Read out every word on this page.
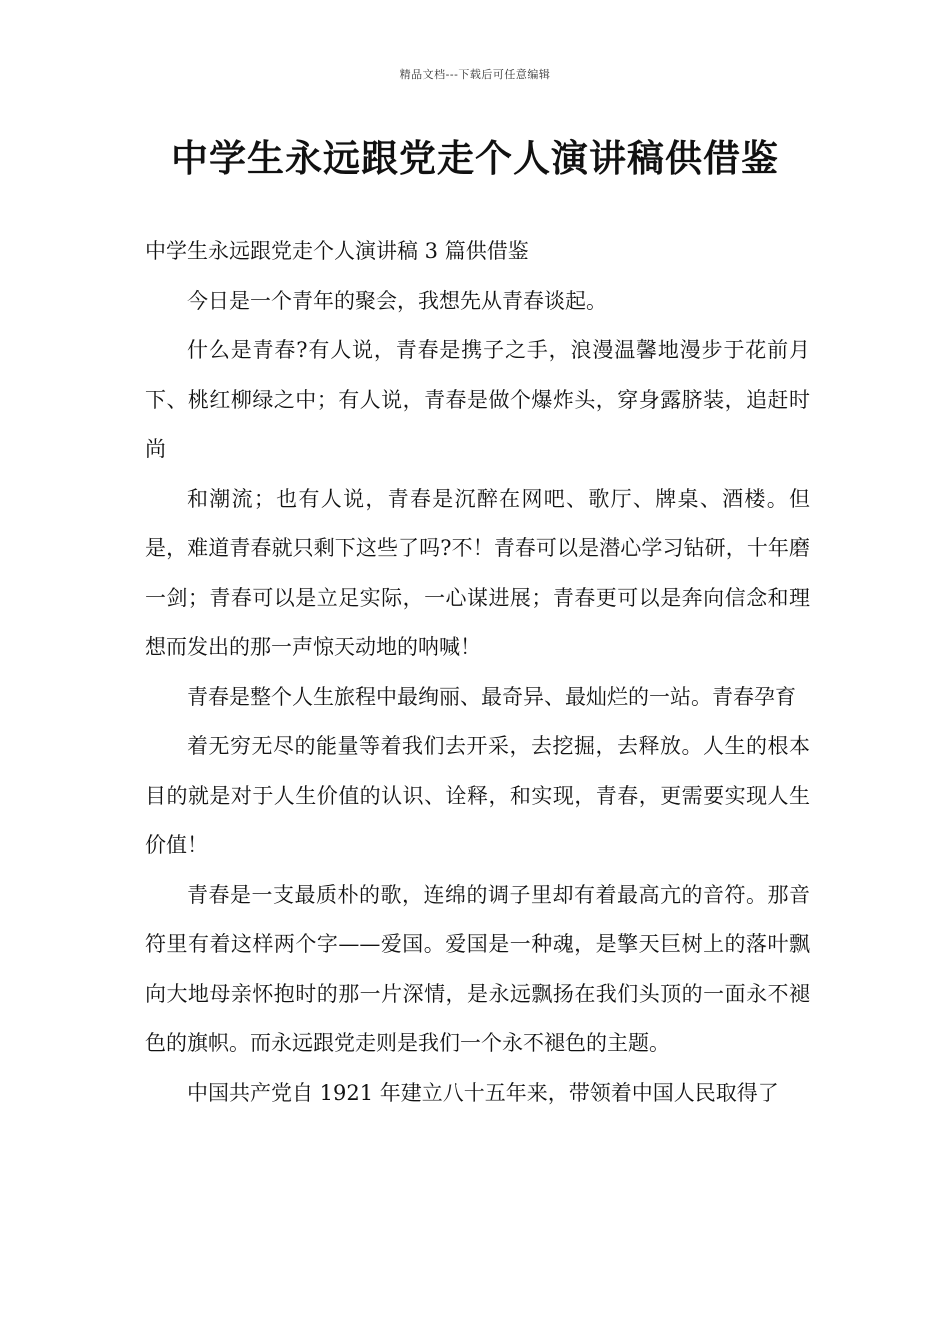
精品文档---下载后可任意编辑
中学生永远跟党走个人演讲稿供借鉴

中学生永远跟党走个人演讲稿 3 篇供借鉴

今日是一个青年的聚会，我想先从青春谈起。

什么是青春?有人说，青春是携子之手，浪漫温馨地漫步于花前月下、桃红柳绿之中；有人说，青春是做个爆炸头，穿身露脐装，追赶时尚

和潮流；也有人说，青春是沉醉在网吧、歌厅、牌桌、酒楼。但是，难道青春就只剩下这些了吗?不！青春可以是潜心学习钻研，十年磨一剑；青春可以是立足实际，一心谋进展；青春更可以是奔向信念和理想而发出的那一声惊天动地的呐喊！

青春是整个人生旅程中最绚丽、最奇异、最灿烂的一站。青春孕育

着无穷无尽的能量等着我们去开采，去挖掘，去释放。人生的根本目的就是对于人生价值的认识、诠释，和实现，青春，更需要实现人生价值！

青春是一支最质朴的歌，连绵的调子里却有着最高亢的音符。那音符里有着这样两个字——爱国。爱国是一种魂，是擎天巨树上的落叶飘向大地母亲怀抱时的那一片深情，是永远飘扬在我们头顶的一面永不褪色的旗帜。而永远跟党走则是我们一个永不褪色的主题。

中国共产党自 1921 年建立八十五年来，带领着中国人民取得了
